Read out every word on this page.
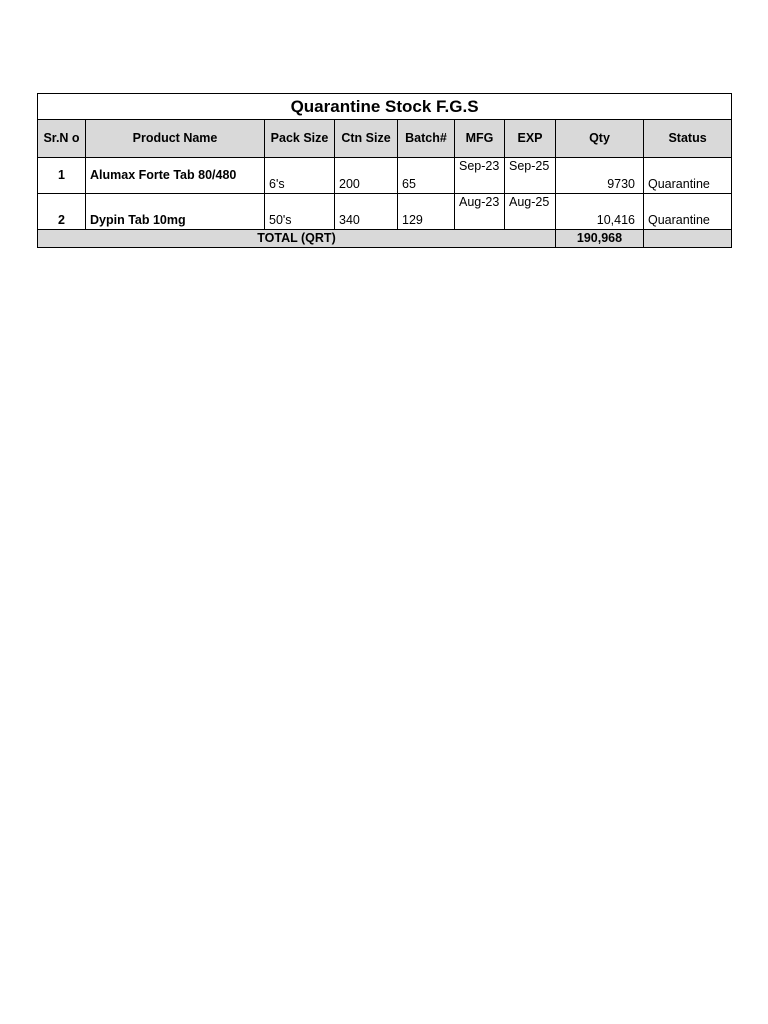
Quarantine Stock F.G.S								
Sr.N o	Product Name	Pack Size	Ctn Size	Batch#	MFG	EXP	Qty	Status
1	Alumax Forte Tab 80/480	6's	200	65	Sep-23	Sep-25	9730	Quarantine
2	Dypin Tab 10mg	50's	340	129	Aug-23	Aug-25	10,416	Quarantine
TOTAL (QRT)							190,968	
